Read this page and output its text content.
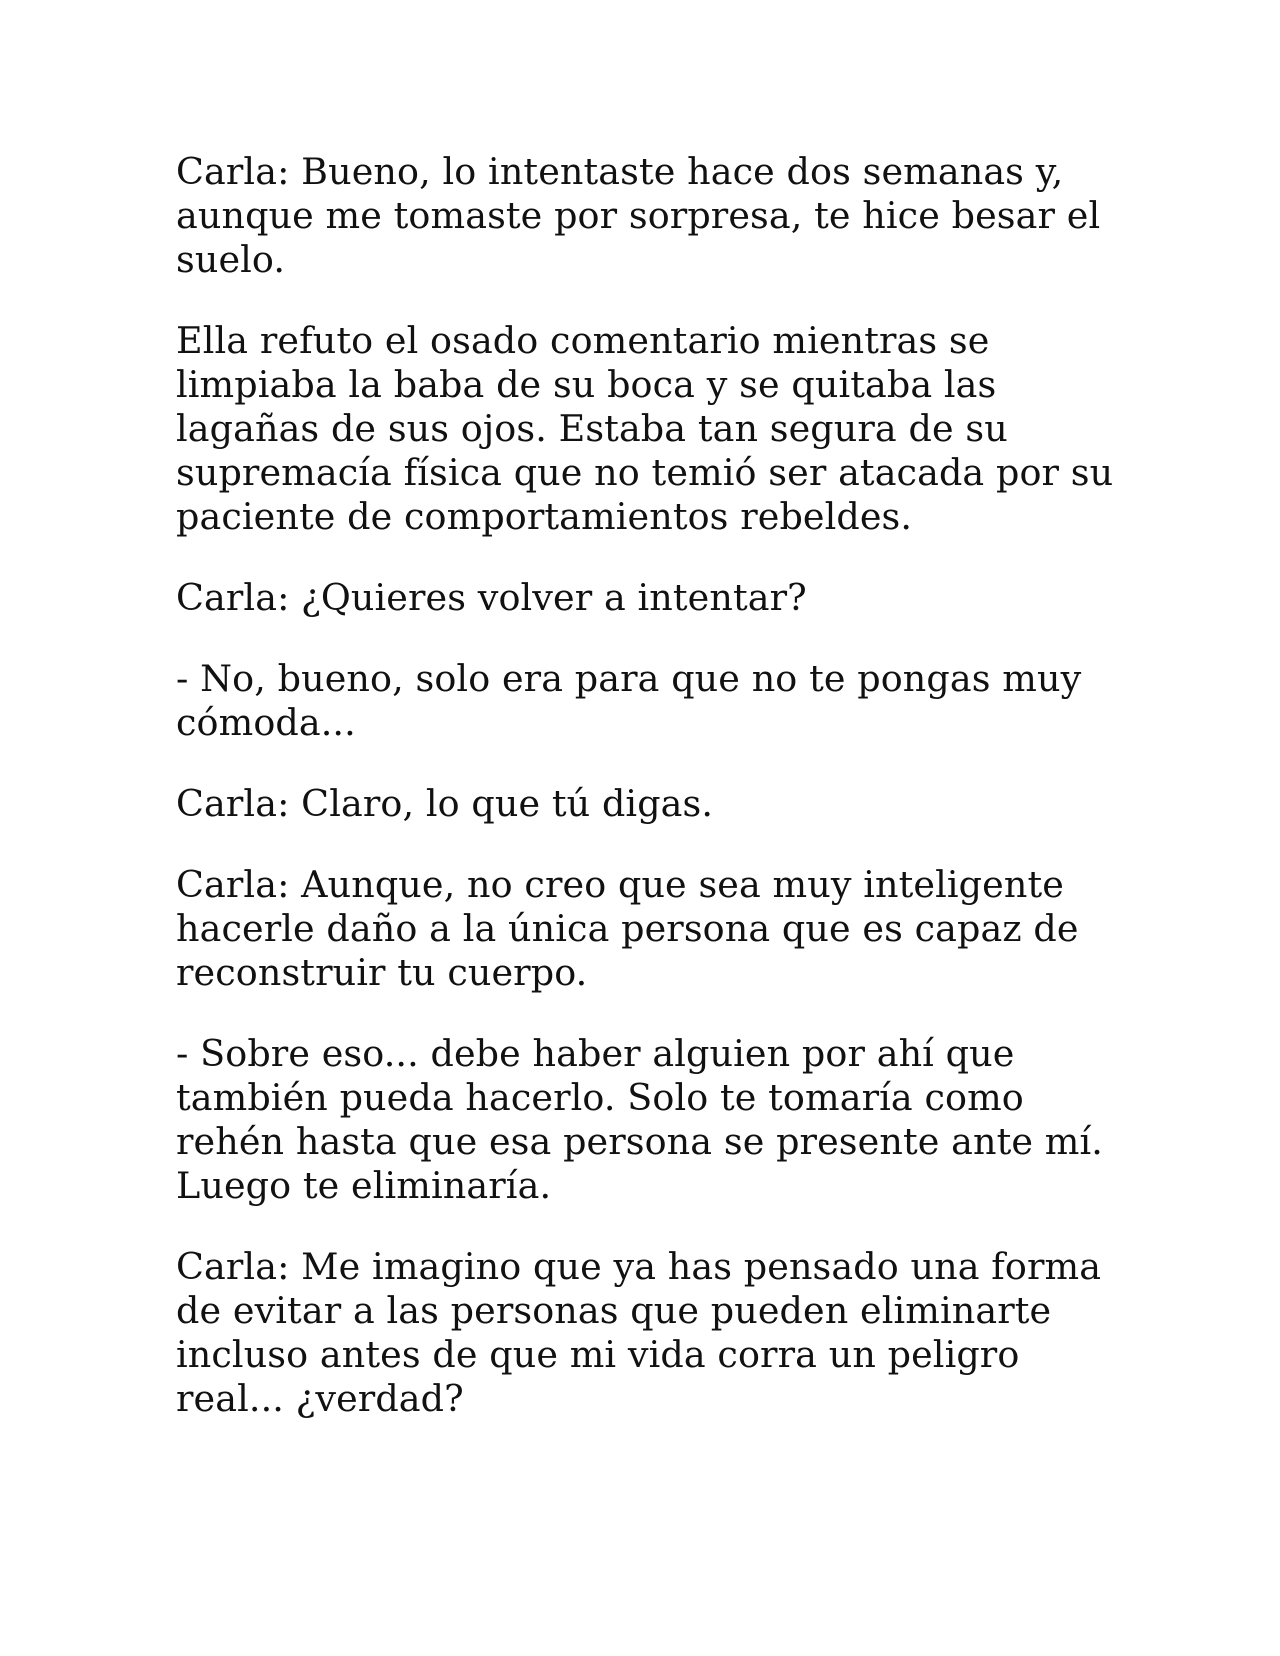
Carla: Bueno, lo intentaste hace dos semanas y, aunque me tomaste por sorpresa, te hice besar el suelo.

Ella refuto el osado comentario mientras se limpiaba la baba de su boca y se quitaba las lagañas de sus ojos. Estaba tan segura de su supremacía física que no temió ser atacada por su paciente de comportamientos rebeldes.

Carla: ¿Quieres volver a intentar?

- No, bueno, solo era para que no te pongas muy cómoda...

Carla: Claro, lo que tú digas.

Carla: Aunque, no creo que sea muy inteligente hacerle daño a la única persona que es capaz de reconstruir tu cuerpo.

- Sobre eso... debe haber alguien por ahí que también pueda hacerlo. Solo te tomaría como rehén hasta que esa persona se presente ante mí. Luego te eliminaría.

Carla: Me imagino que ya has pensado una forma de evitar a las personas que pueden eliminarte incluso antes de que mi vida corra un peligro real... ¿verdad?
